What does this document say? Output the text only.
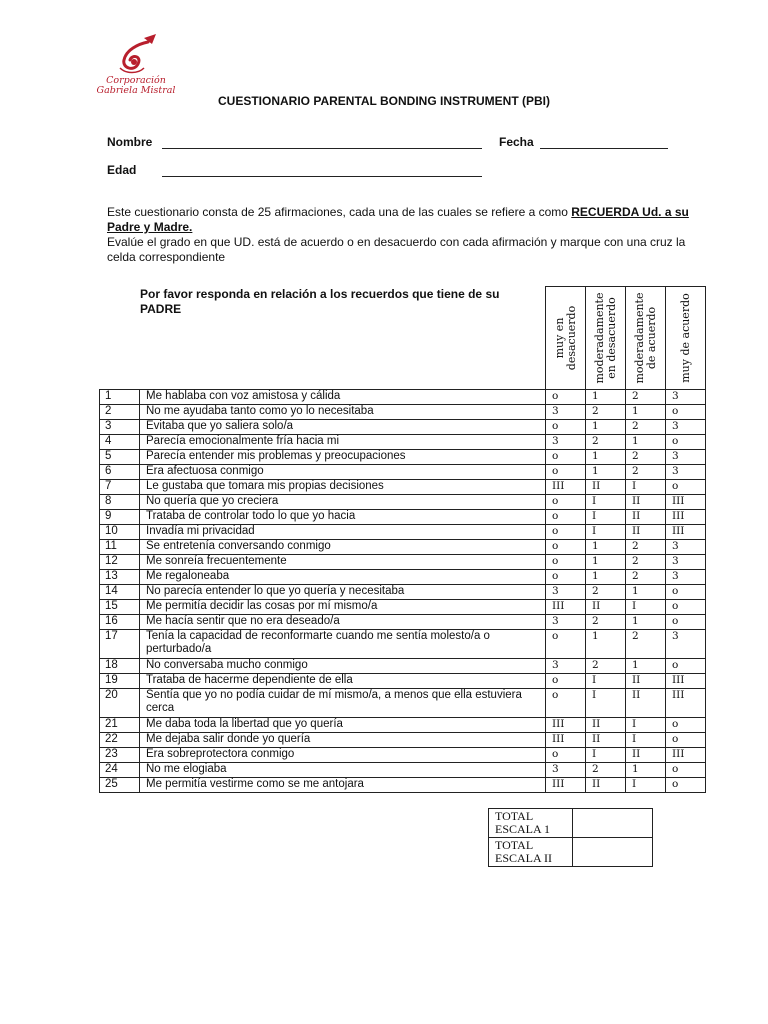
Corporación
Gabriela Mistral
CUESTIONARIO PARENTAL BONDING INSTRUMENT (PBI)
Nombre	Fecha
Edad
Este cuestionario consta de 25 afirmaciones, cada una de las cuales se refiere a como RECUERDA Ud. a su Padre y Madre.
Evalúe el grado en que UD. está de acuerdo o en desacuerdo con cada afirmación y marque con una cruz la celda correspondiente
Por favor responda en relación a los recuerdos que tiene de su PADRE

		muy en desacuerdo	moderadamente en desacuerdo	moderadamente de acuerdo	muy de acuerdo

1	Me hablaba con voz amistosa y cálida	o	1	2	3
2	No me ayudaba tanto como yo lo necesitaba	3	2	1	o
3	Evitaba que yo saliera solo/a	o	1	2	3
4	Parecía emocionalmente fría hacia mi	3	2	1	o
5	Parecía entender mis problemas y preocupaciones	o	1	2	3
6	Era afectuosa conmigo	o	1	2	3
7	Le gustaba que tomara mis propias decisiones	III	II	I	o
8	No quería que yo creciera	o	I	II	III
9	Trataba de controlar todo lo que yo hacia	o	I	II	III
10	Invadía mi privacidad	o	I	II	III
11	Se entretenía conversando conmigo	o	1	2	3
12	Me sonreía frecuentemente	o	1	2	3
13	Me regaloneaba	o	1	2	3
14	No parecía entender lo que yo quería y necesitaba	3	2	1	o
15	Me permitía decidir las cosas por mí mismo/a	III	II	I	o
16	Me hacía sentir que no era deseado/a	3	2	1	o
17	Tenía la capacidad de reconformarte cuando me sentía molesto/a o perturbado/a	o	1	2	3
18	No conversaba mucho conmigo	3	2	1	o
19	Trataba de hacerme dependiente de ella	o	I	II	III
20	Sentía que yo no podía cuidar de mí mismo/a, a menos que ella estuviera cerca	o	I	II	III
21	Me daba toda la libertad que yo quería	III	II	I	o
22	Me dejaba salir donde yo quería	III	II	I	o
23	Era sobreprotectora conmigo	o	I	II	III
24	No me elogiaba	3	2	1	o
25	Me permitía vestirme como se me antojara	III	II	I	o
TOTAL ESCALA 1	
TOTAL ESCALA II	
